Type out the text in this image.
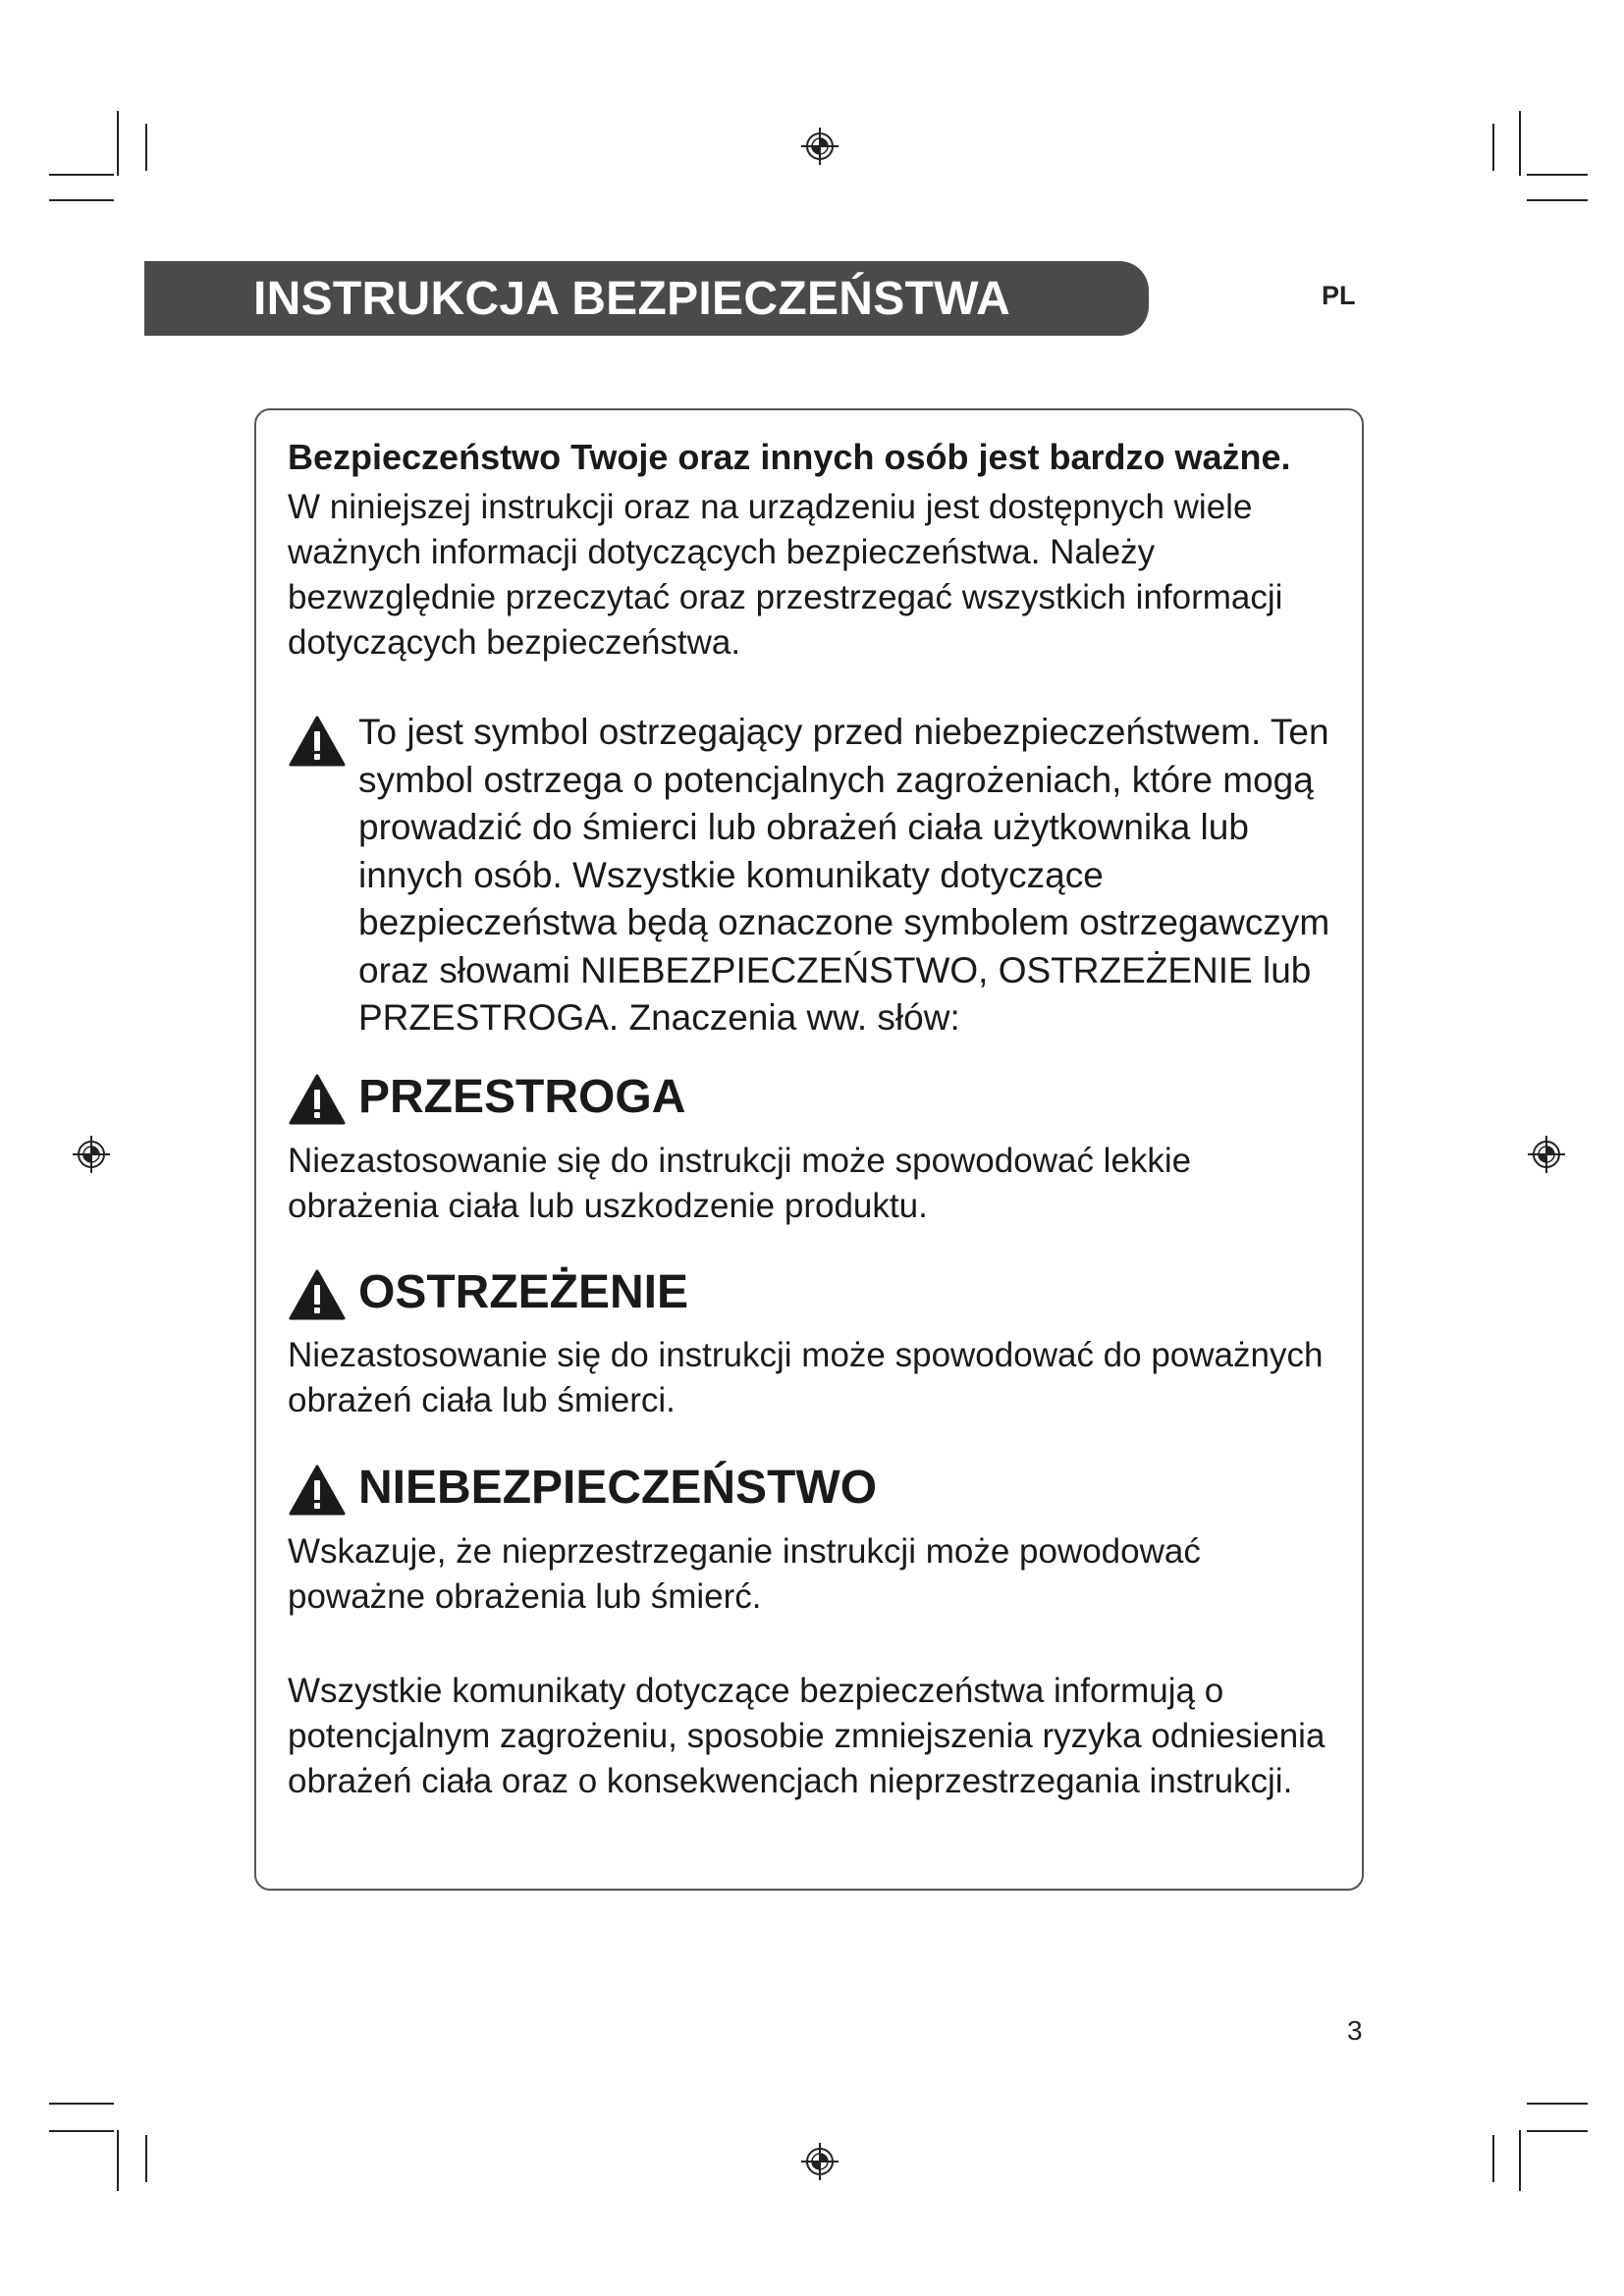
INSTRUKCJA BEZPIECZEŃSTWA	PL
Bezpieczeństwo Twoje oraz innych osób jest bardzo ważne.

W niniejszej instrukcji oraz na urządzeniu jest dostępnych wiele ważnych informacji dotyczących bezpieczeństwa. Należy bezwzględnie przeczytać oraz przestrzegać wszystkich informacji dotyczących bezpieczeństwa.

To jest symbol ostrzegający przed niebezpieczeństwem. Ten symbol ostrzega o potencjalnych zagrożeniach, które mogą prowadzić do śmierci lub obrażeń ciała użytkownika lub innych osób. Wszystkie komunikaty dotyczące bezpieczeństwa będą oznaczone symbolem ostrzegawczym oraz słowami NIEBEZPIECZEŃSTWO, OSTRZEŻENIE lub PRZESTROGA. Znaczenia ww. słów:

PRZESTROGA

Niezastosowanie się do instrukcji może spowodować lekkie obrażenia ciała lub uszkodzenie produktu.

OSTRZEŻENIE

Niezastosowanie się do instrukcji może spowodować do poważnych obrażeń ciała lub śmierci.

NIEBEZPIECZEŃSTWO

Wskazuje, że nieprzestrzeganie instrukcji może powodować poważne obrażenia lub śmierć.

Wszystkie komunikaty dotyczące bezpieczeństwa informują o potencjalnym zagrożeniu, sposobie zmniejszenia ryzyka odniesienia obrażeń ciała oraz o konsekwencjach nieprzestrzegania instrukcji.

3
